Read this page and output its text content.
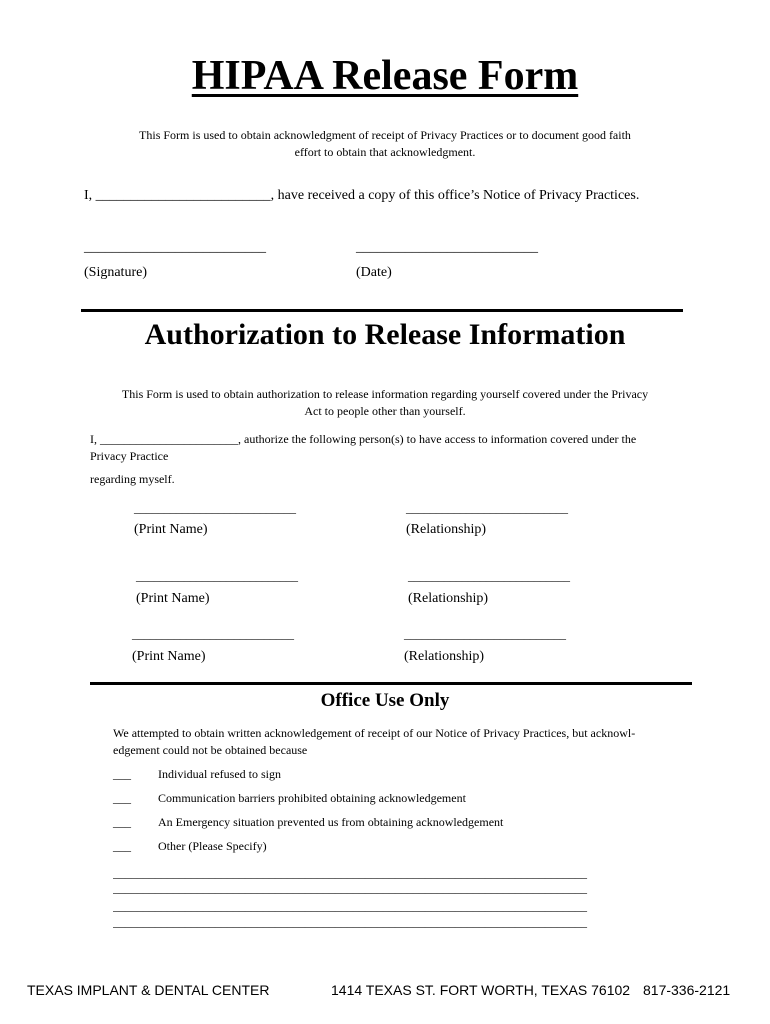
HIPAA Release Form
This Form is used to obtain acknowledgment of receipt of Privacy Practices or to document good faith
effort to obtain that acknowledgment.
I, _________________________, have received a copy of this office’s Notice of Privacy Practices.
__________________________	__________________________
(Signature)	(Date)
Authorization to Release Information
This Form is used to obtain authorization to release information regarding yourself covered under the Privacy
Act to people other than yourself.
I, _______________________, authorize the following person(s) to have access to information covered under the
Privacy Practice
regarding myself.
___________________________	___________________________
(Print Name)	(Relationship)
___________________________	___________________________
(Print Name)	(Relationship)
___________________________	___________________________
(Print Name)	(Relationship)
Office Use Only
We attempted to obtain written acknowledgement of receipt of our Notice of Privacy Practices, but acknowl-
edgement could not be obtained because
___ Individual refused to sign
___ Communication barriers prohibited obtaining acknowledgement
___ An Emergency situation prevented us from obtaining acknowledgement
___ Other (Please Specify)
_______________________________________________________________________________
_______________________________________________________________________________
_______________________________________________________________________________
_______________________________________________________________________________
TEXAS IMPLANT & DENTAL CENTER	1414 TEXAS ST. FORT WORTH, TEXAS 76102 817-336-2121
